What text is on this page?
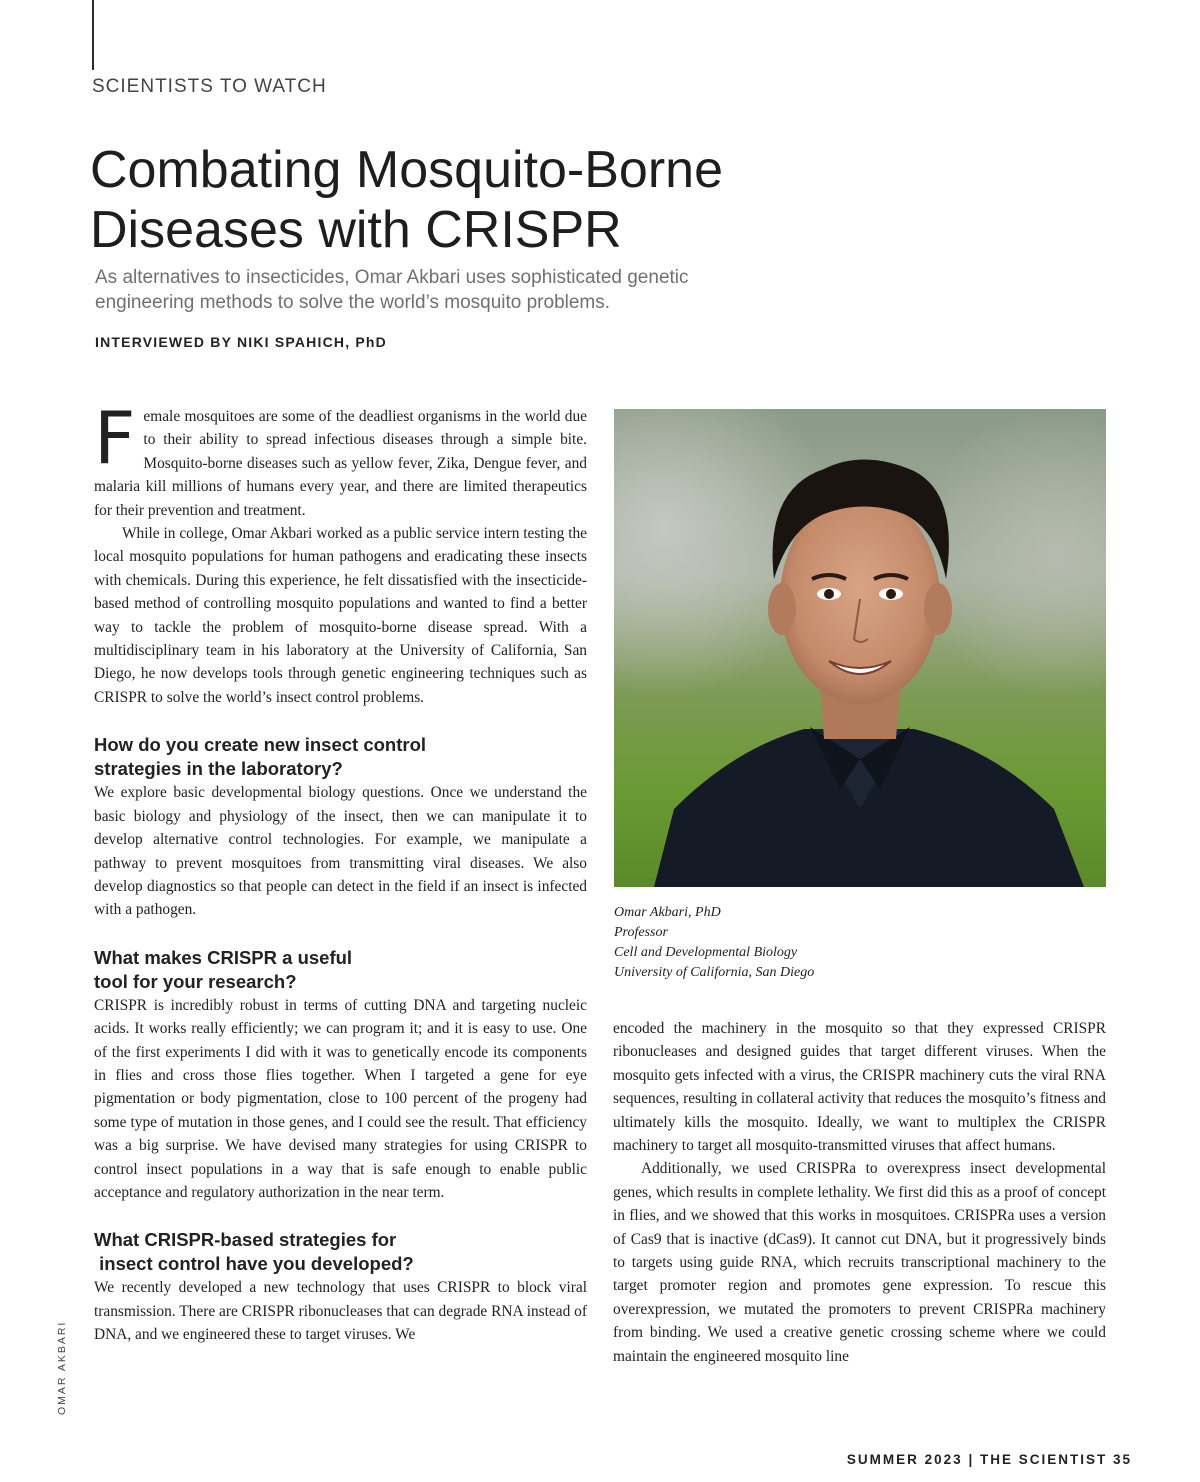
SCIENTISTS TO WATCH
Combating Mosquito-Borne
Diseases with CRISPR
As alternatives to insecticides, Omar Akbari uses sophisticated genetic
engineering methods to solve the world’s mosquito problems.
INTERVIEWED BY NIKI SPAHICH, PhD

Female mosquitoes are some of the deadliest organisms in the world due to their ability to spread infectious diseases through a simple bite. Mosquito-borne diseases such as yellow fever, Zika, Dengue fever, and malaria kill millions of humans every year, and there are limited therapeutics for their prevention and treatment.

While in college, Omar Akbari worked as a public service intern testing the local mosquito populations for human pathogens and eradicating these insects with chemicals. During this experience, he felt dissatisfied with the insecticide-based method of controlling mosquito populations and wanted to find a better way to tackle the problem of mosquito-borne disease spread. With a multidisciplinary team in his laboratory at the University of California, San Diego, he now develops tools through genetic engineering techniques such as CRISPR to solve the world’s insect control problems.

How do you create new insect control
strategies in the laboratory?

We explore basic developmental biology questions. Once we understand the basic biology and physiology of the insect, then we can manipulate it to develop alternative control technologies. For example, we manipulate a pathway to prevent mosquitoes from transmitting viral diseases. We also develop diagnostics so that people can detect in the field if an insect is infected with a pathogen.

What makes CRISPR a useful
tool for your research?

CRISPR is incredibly robust in terms of cutting DNA and targeting nucleic acids. It works really efficiently; we can program it; and it is easy to use. One of the first experiments I did with it was to genetically encode its components in flies and cross those flies together. When I targeted a gene for eye pigmentation or body pigmentation, close to 100 percent of the progeny had some type of mutation in those genes, and I could see the result. That efficiency was a big surprise. We have devised many strategies for using CRISPR to control insect populations in a way that is safe enough to enable public acceptance and regulatory authorization in the near term.

What CRISPR-based strategies for
insect control have you developed?

We recently developed a new technology that uses CRISPR to block viral transmission. There are CRISPR ribonucleases that can degrade RNA instead of DNA, and we engineered these to target viruses. We

Omar Akbari, PhD
Professor
Cell and Developmental Biology
University of California, San Diego

encoded the machinery in the mosquito so that they expressed CRISPR ribonucleases and designed guides that target different viruses. When the mosquito gets infected with a virus, the CRISPR machinery cuts the viral RNA sequences, resulting in collateral activity that reduces the mosquito’s fitness and ultimately kills the mosquito. Ideally, we want to multiplex the CRISPR machinery to target all mosquito-transmitted viruses that affect humans.

Additionally, we used CRISPRa to overexpress insect developmental genes, which results in complete lethality. We first did this as a proof of concept in flies, and we showed that this works in mosquitoes. CRISPRa uses a version of Cas9 that is inactive (dCas9). It cannot cut DNA, but it progressively binds to targets using guide RNA, which recruits transcriptional machinery to the target promoter region and promotes gene expression. To rescue this overexpression, we mutated the promoters to prevent CRISPRa machinery from binding. We used a creative genetic crossing scheme where we could maintain the engineered mosquito line

OMAR AKBARI
SUMMER 2023 | THE SCIENTIST 35
